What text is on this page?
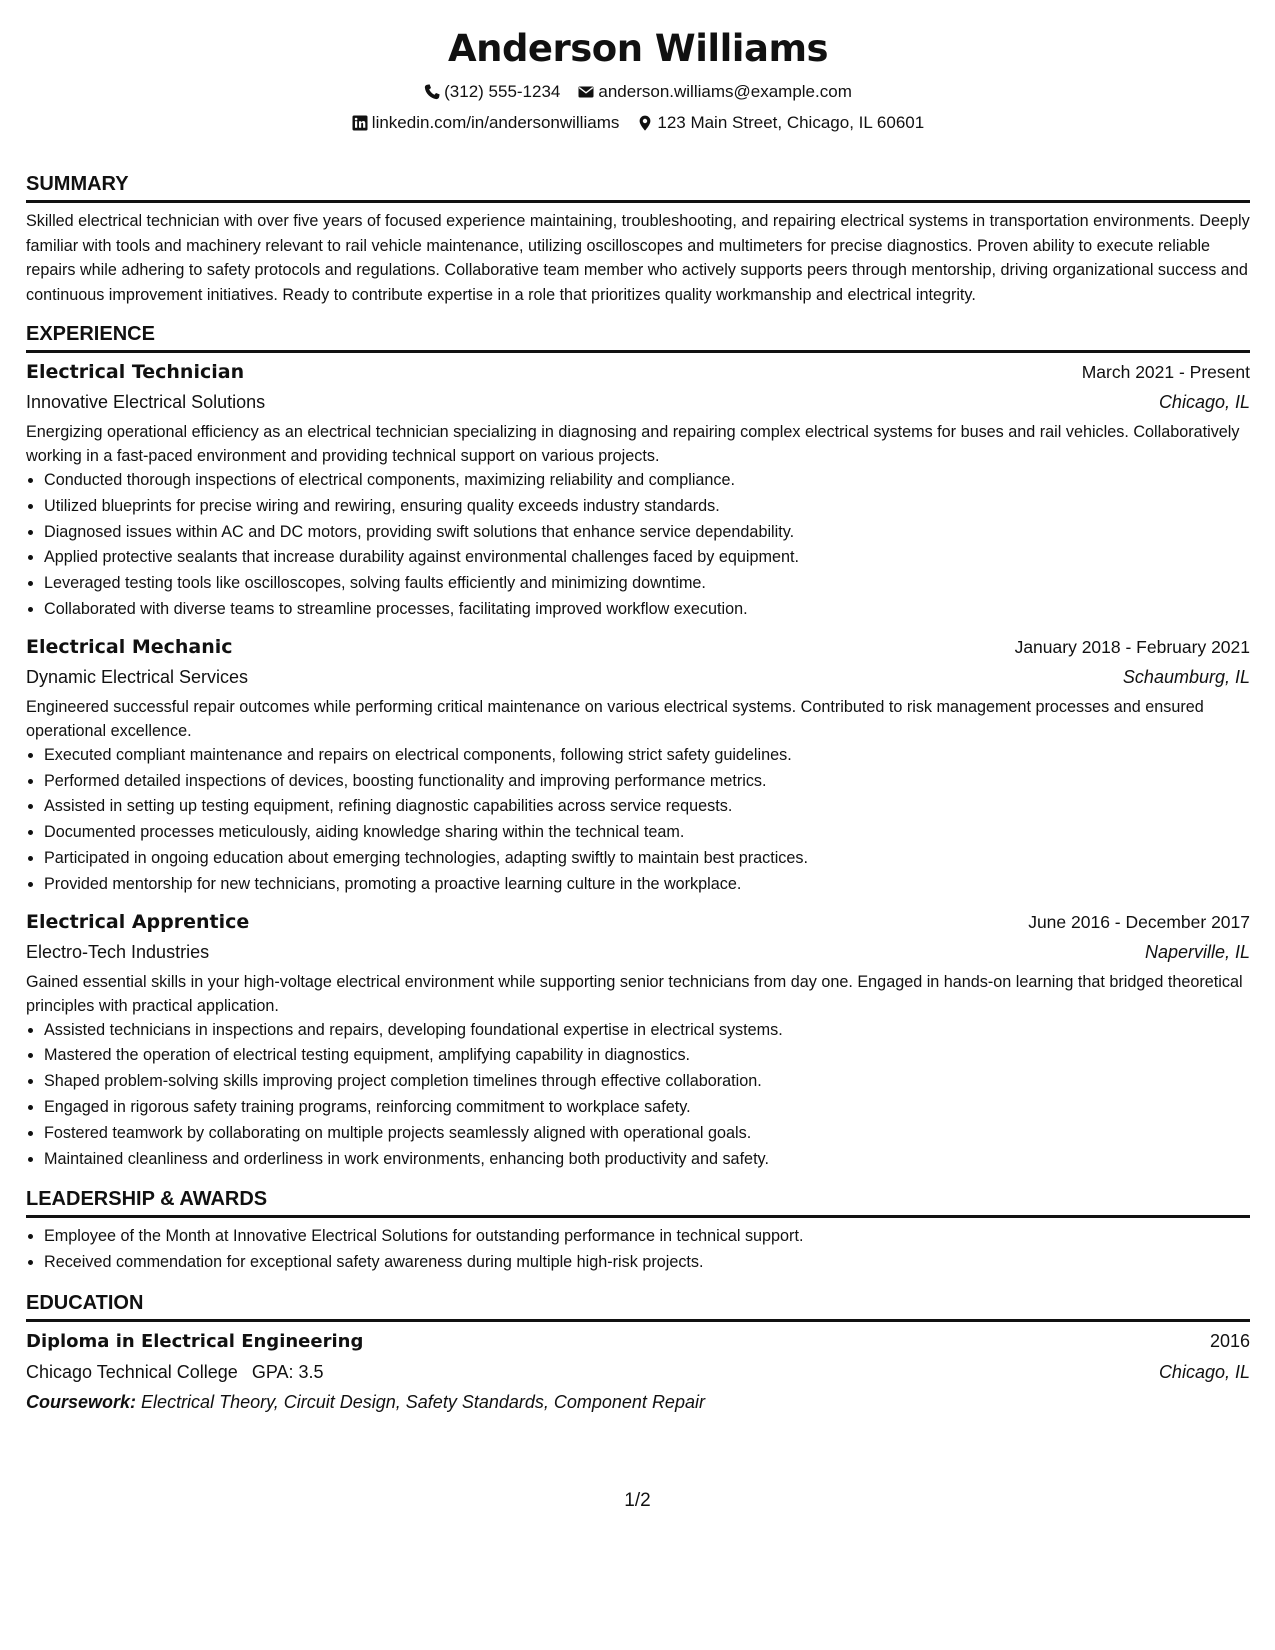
Anderson Williams
(312) 555-1234 anderson.williams@example.com
linkedin.com/in/andersonwilliams 123 Main Street, Chicago, IL 60601
SUMMARY

Skilled electrical technician with over five years of focused experience maintaining, troubleshooting, and repairing electrical systems in transportation environments. Deeply familiar with tools and machinery relevant to rail vehicle maintenance, utilizing oscilloscopes and multimeters for precise diagnostics. Proven ability to execute reliable repairs while adhering to safety protocols and regulations. Collaborative team member who actively supports peers through mentorship, driving organizational success and continuous improvement initiatives. Ready to contribute expertise in a role that prioritizes quality workmanship and electrical integrity.

EXPERIENCE
Electrical Technician	March 2021 - Present
Innovative Electrical Solutions	Chicago, IL

Energizing operational efficiency as an electrical technician specializing in diagnosing and repairing complex electrical systems for buses and rail vehicles. Collaboratively working in a fast-paced environment and providing technical support on various projects.

• Conducted thorough inspections of electrical components, maximizing reliability and compliance.
• Utilized blueprints for precise wiring and rewiring, ensuring quality exceeds industry standards.
• Diagnosed issues within AC and DC motors, providing swift solutions that enhance service dependability.
• Applied protective sealants that increase durability against environmental challenges faced by equipment.
• Leveraged testing tools like oscilloscopes, solving faults efficiently and minimizing downtime.
• Collaborated with diverse teams to streamline processes, facilitating improved workflow execution.
Electrical Mechanic	January 2018 - February 2021
Dynamic Electrical Services	Schaumburg, IL

Engineered successful repair outcomes while performing critical maintenance on various electrical systems. Contributed to risk management processes and ensured operational excellence.

• Executed compliant maintenance and repairs on electrical components, following strict safety guidelines.
• Performed detailed inspections of devices, boosting functionality and improving performance metrics.
• Assisted in setting up testing equipment, refining diagnostic capabilities across service requests.
• Documented processes meticulously, aiding knowledge sharing within the technical team.
• Participated in ongoing education about emerging technologies, adapting swiftly to maintain best practices.
• Provided mentorship for new technicians, promoting a proactive learning culture in the workplace.
Electrical Apprentice	June 2016 - December 2017
Electro-Tech Industries	Naperville, IL

Gained essential skills in your high-voltage electrical environment while supporting senior technicians from day one. Engaged in hands-on learning that bridged theoretical principles with practical application.

• Assisted technicians in inspections and repairs, developing foundational expertise in electrical systems.
• Mastered the operation of electrical testing equipment, amplifying capability in diagnostics.
• Shaped problem-solving skills improving project completion timelines through effective collaboration.
• Engaged in rigorous safety training programs, reinforcing commitment to workplace safety.
• Fostered teamwork by collaborating on multiple projects seamlessly aligned with operational goals.
• Maintained cleanliness and orderliness in work environments, enhancing both productivity and safety.
LEADERSHIP & AWARDS
• Employee of the Month at Innovative Electrical Solutions for outstanding performance in technical support.
• Received commendation for exceptional safety awareness during multiple high-risk projects.
EDUCATION
Diploma in Electrical Engineering	2016
Chicago Technical College GPA: 3.5	Chicago, IL
Coursework: Electrical Theory, Circuit Design, Safety Standards, Component Repair
1/2
